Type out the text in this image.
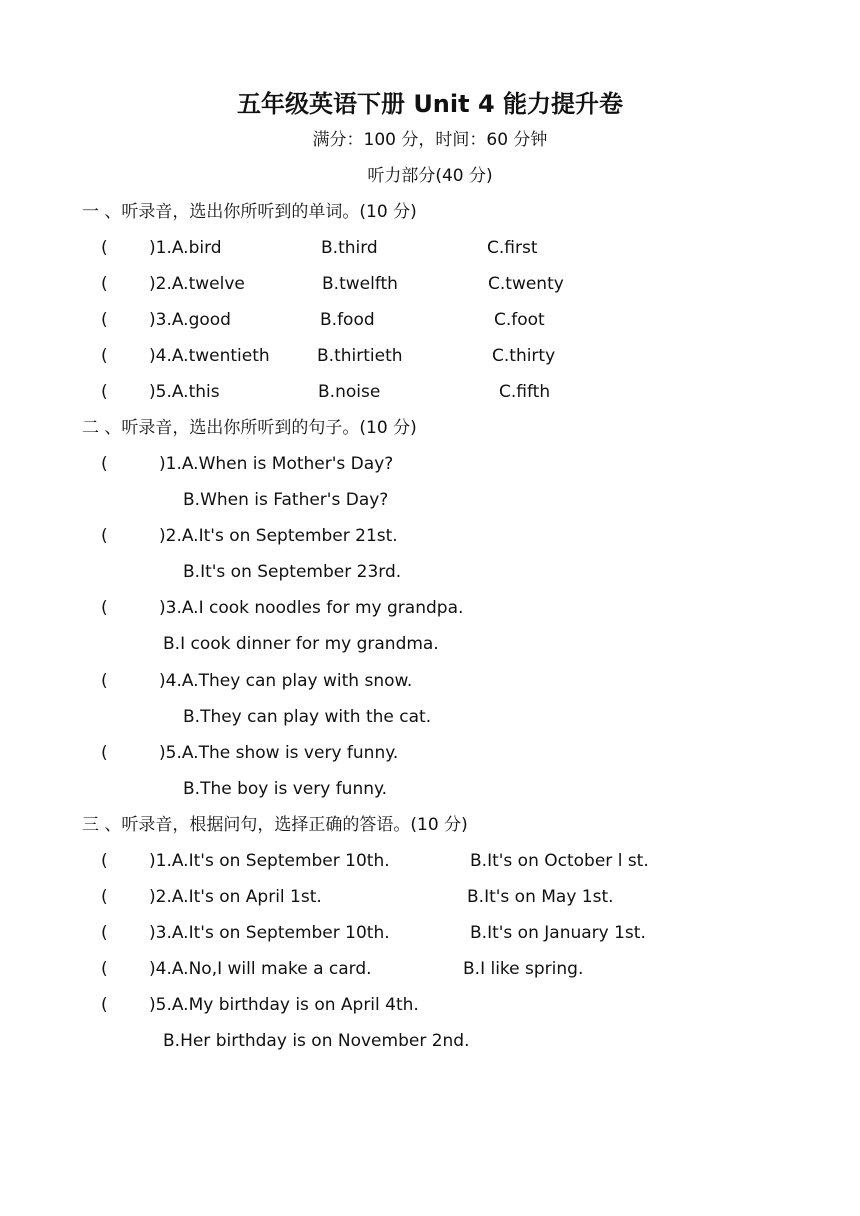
五年级英语下册 Unit 4 能力提升卷
满分：100 分，时间：60 分钟
听力部分(40 分)
一 、听录音，选出你所听到的单词。(10 分)
( )1.A.bird	B.third	C.first
( )2.A.twelve	B.twelfth	C.twenty
( )3.A.good	B.food	C.foot
( )4.A.twentieth	B.thirtieth	C.thirty
( )5.A.this	B.noise	C.fifth
二 、听录音，选出你所听到的句子。(10 分)
(	)1.A.When is Mother's Day?
B.When is Father's Day?
(	)2.A.It's on September 21st.
B.It's on September 23rd.
(	)3.A.I cook noodles for my grandpa.
B.I cook dinner for my grandma.
(	)4.A.They can play with snow.
B.They can play with the cat.
(	)5.A.The show is very funny.
B.The boy is very funny.
三 、听录音，根据问句，选择正确的答语。(10 分)
( )1.A.It's on September 10th.	B.It's on October l st.
( )2.A.It's on April 1st.	B.It's on May 1st.
( )3.A.It's on September 10th.	B.It's on January 1st.
( )4.A.No,I will make a card.	B.I like spring.
( )5.A.My birthday is on April 4th.
B.Her birthday is on November 2nd.
